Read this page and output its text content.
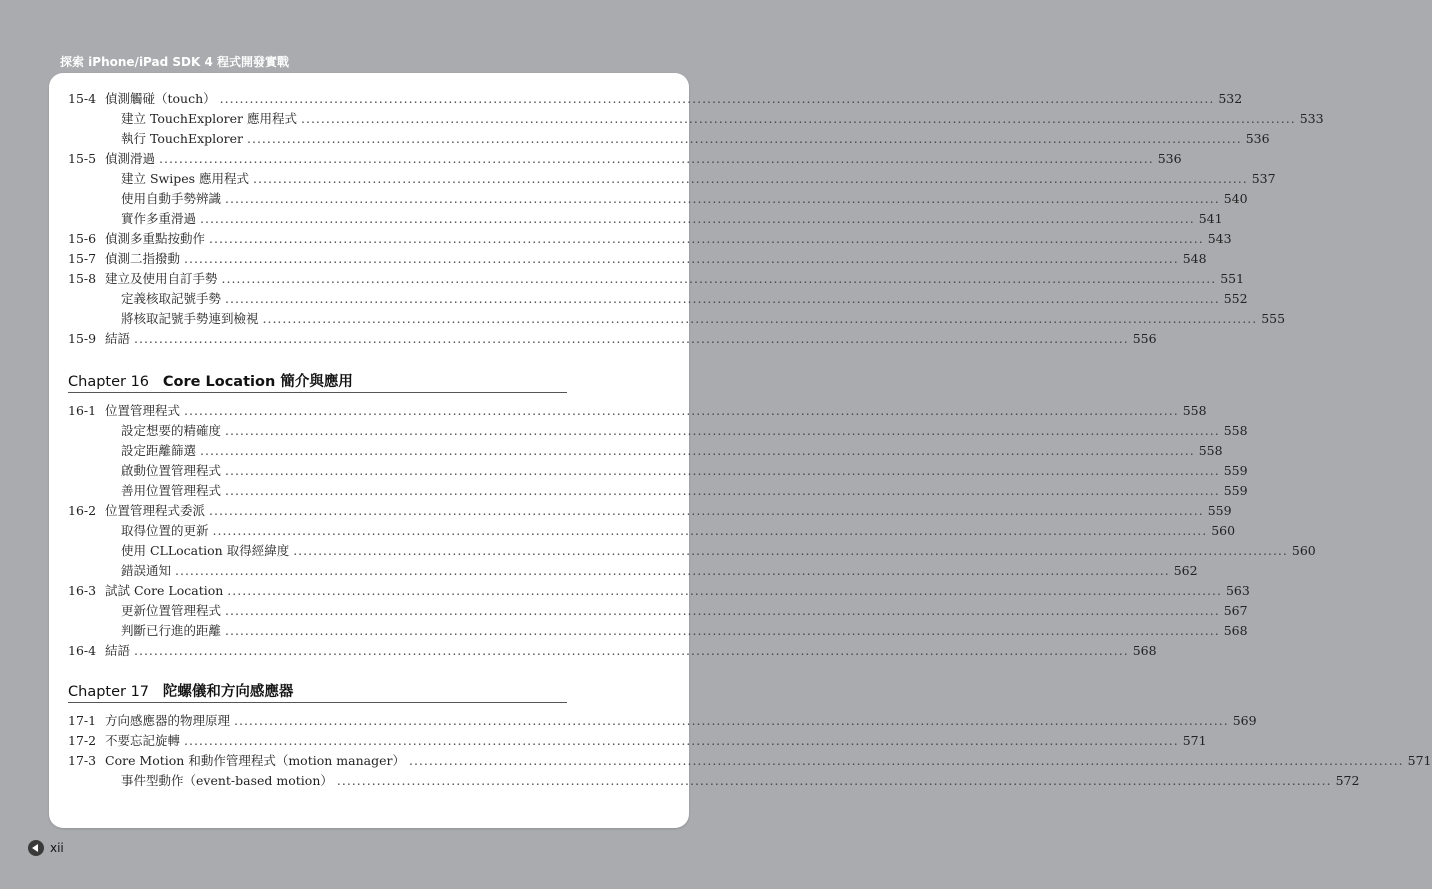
探索 iPhone/iPad SDK 4 程式開發實戰
15-4 偵測觸碰（touch） ........................................................................................................................................................................................................ 532
建立 TouchExplorer 應用程式 ........................................................................................................................................................................................................ 533
執行 TouchExplorer ........................................................................................................................................................................................................ 536
15-5 偵測滑過 ........................................................................................................................................................................................................ 536
建立 Swipes 應用程式 ........................................................................................................................................................................................................ 537
使用自動手勢辨識 ........................................................................................................................................................................................................ 540
實作多重滑過 ........................................................................................................................................................................................................ 541
15-6 偵測多重點按動作 ........................................................................................................................................................................................................ 543
15-7 偵測二指撥動 ........................................................................................................................................................................................................ 548
15-8 建立及使用自訂手勢 ........................................................................................................................................................................................................ 551
定義核取記號手勢 ........................................................................................................................................................................................................ 552
將核取記號手勢連到檢視 ........................................................................................................................................................................................................ 555
15-9 結語 ........................................................................................................................................................................................................ 556
Chapter 16 Core Location 簡介與應用
16-1 位置管理程式 ........................................................................................................................................................................................................ 558
設定想要的精確度 ........................................................................................................................................................................................................ 558
設定距離篩選 ........................................................................................................................................................................................................ 558
啟動位置管理程式 ........................................................................................................................................................................................................ 559
善用位置管理程式 ........................................................................................................................................................................................................ 559
16-2 位置管理程式委派 ........................................................................................................................................................................................................ 559
取得位置的更新 ........................................................................................................................................................................................................ 560
使用 CLLocation 取得經緯度 ........................................................................................................................................................................................................ 560
錯誤通知 ........................................................................................................................................................................................................ 562
16-3 試試 Core Location ........................................................................................................................................................................................................ 563
更新位置管理程式 ........................................................................................................................................................................................................ 567
判斷已行進的距離 ........................................................................................................................................................................................................ 568
16-4 結語 ........................................................................................................................................................................................................ 568
Chapter 17 陀螺儀和方向感應器
17-1 方向感應器的物理原理 ........................................................................................................................................................................................................ 569
17-2 不要忘記旋轉 ........................................................................................................................................................................................................ 571
17-3 Core Motion 和動作管理程式（motion manager） ........................................................................................................................................................................................................ 571
事件型動作（event-based motion） ........................................................................................................................................................................................................ 572
xii
